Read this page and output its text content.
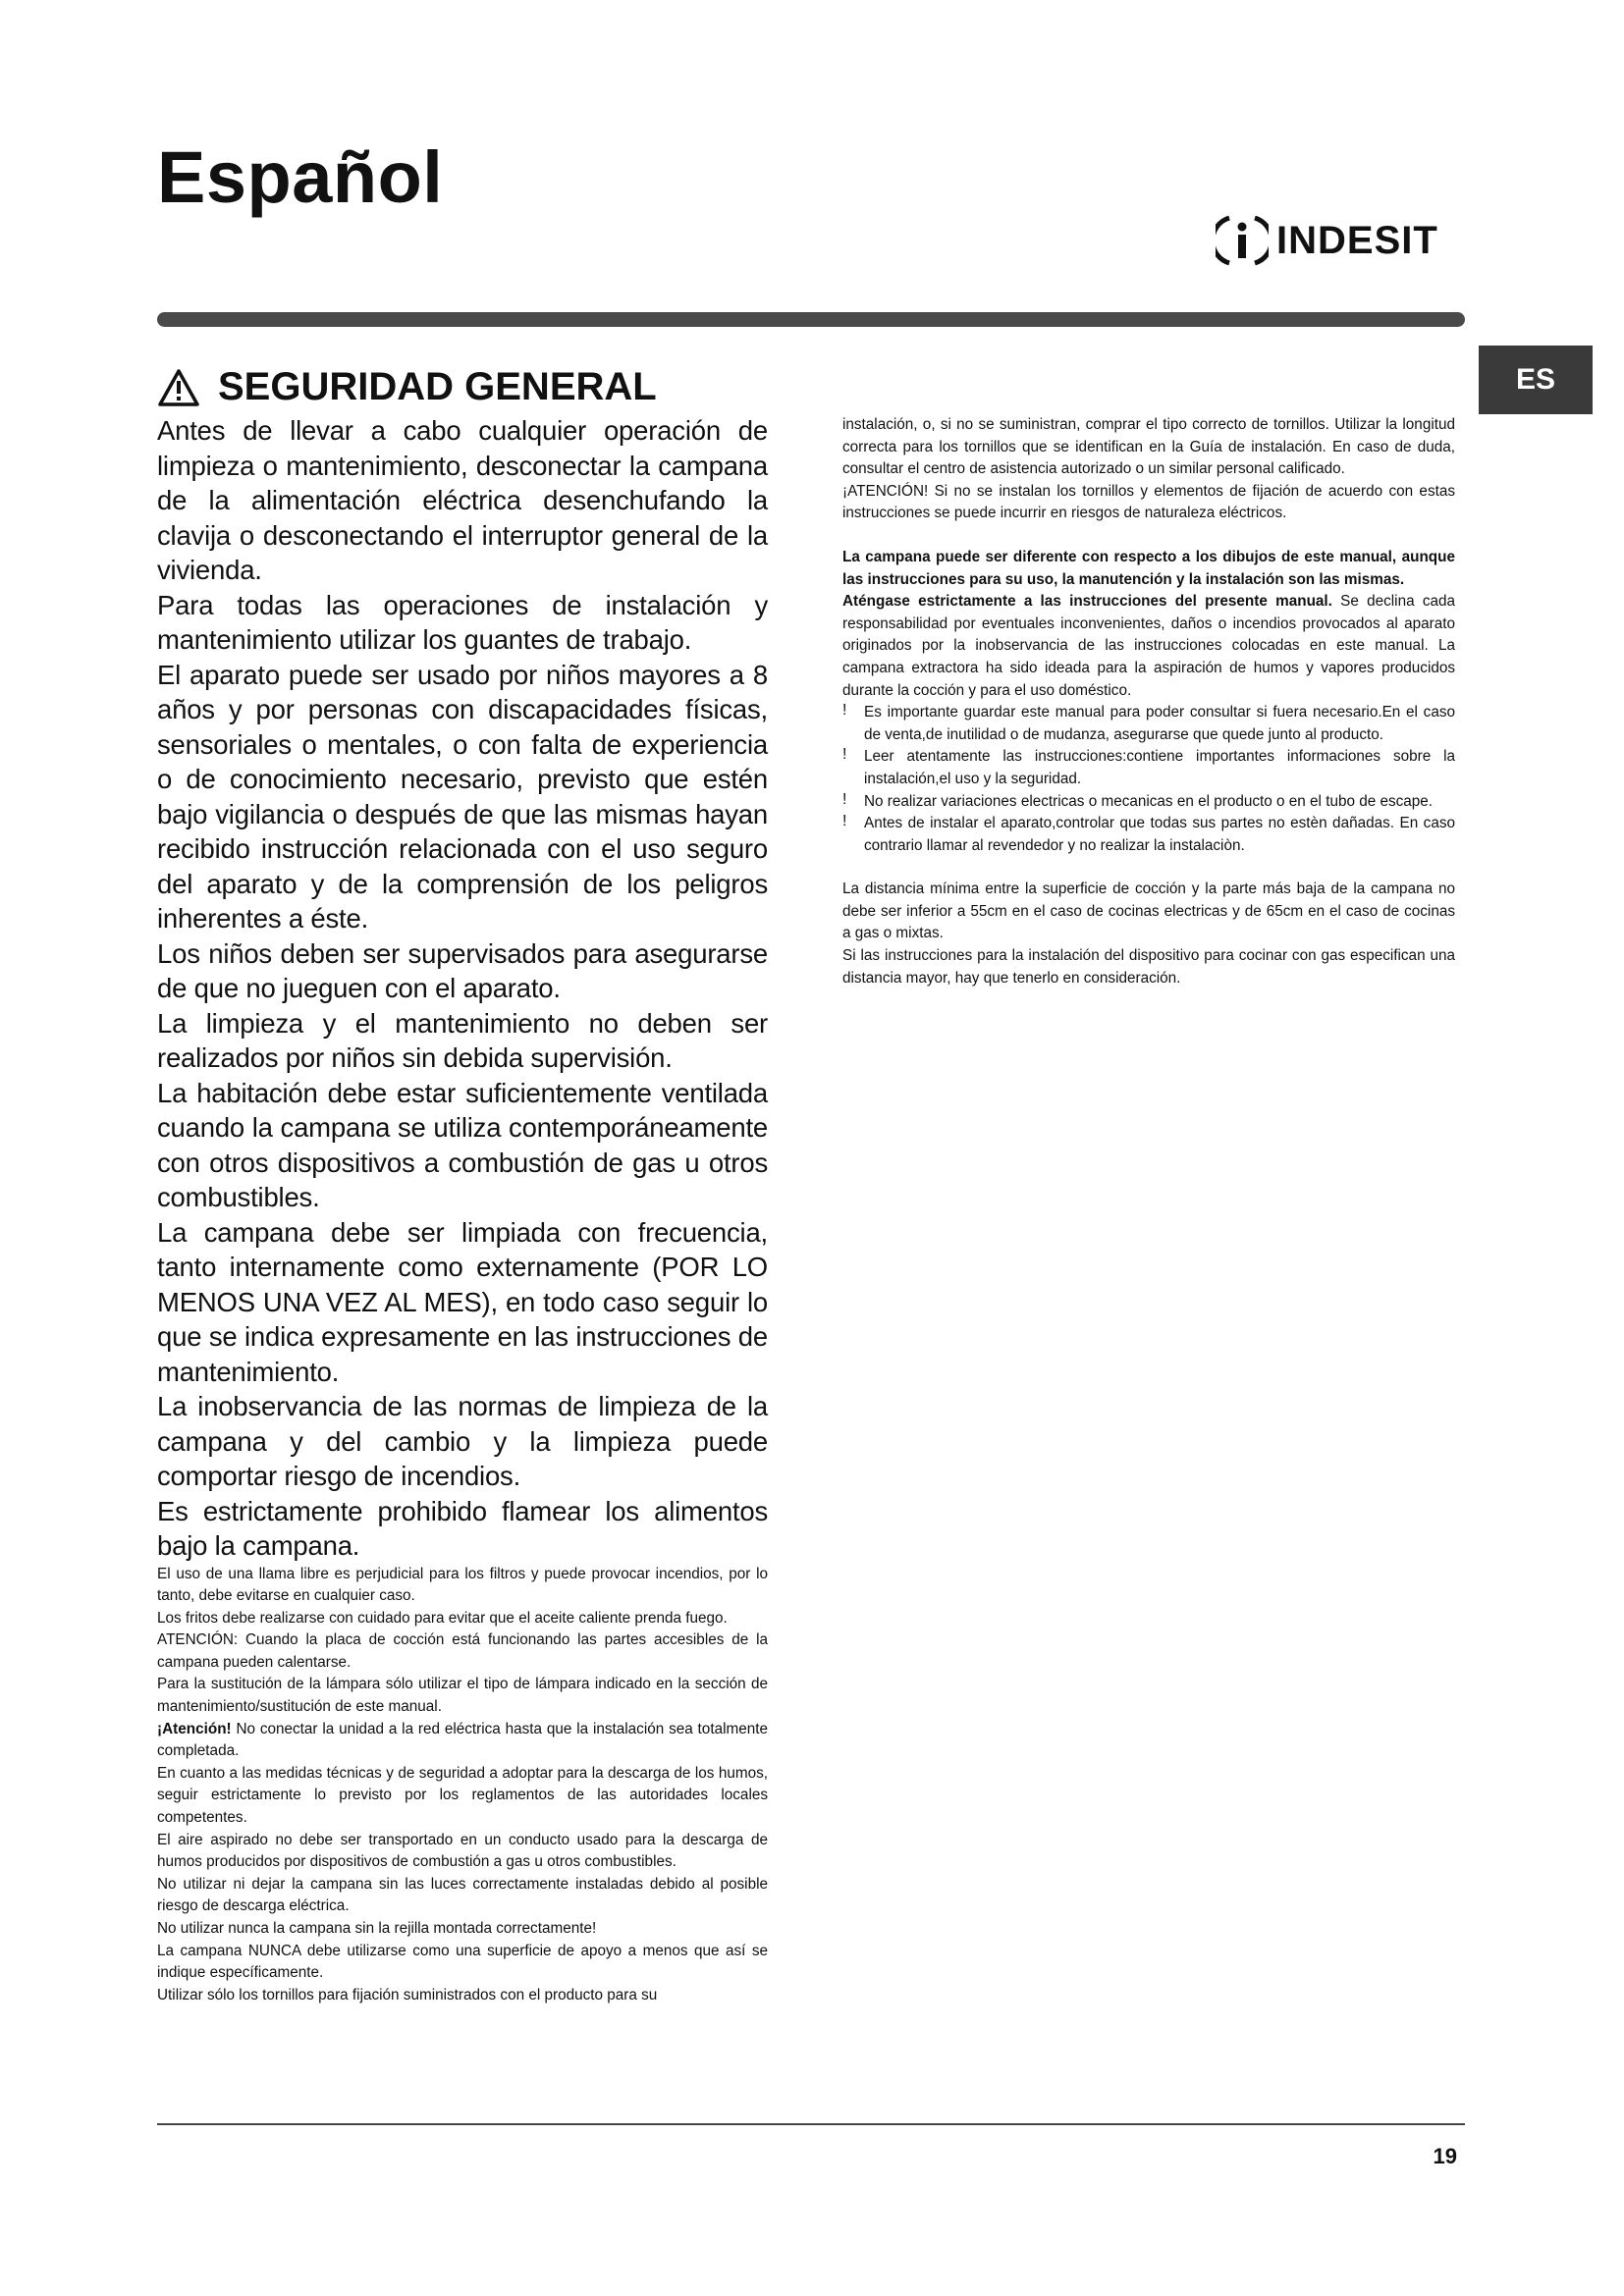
Español
INDESIT
ES
SEGURIDAD GENERAL

Antes de llevar a cabo cualquier operación de limpieza o mantenimiento, desconectar la campana de la alimentación eléctrica desenchufando la clavija o desconectando el interruptor general de la vivienda.

Para todas las operaciones de instalación y mantenimiento utilizar los guantes de trabajo.

El aparato puede ser usado por niños mayores a 8 años y por personas con discapacidades físicas, sensoriales o mentales, o con falta de experiencia o de conocimiento necesario, previsto que estén bajo vigilancia o después de que las mismas hayan recibido instrucción relacionada con el uso seguro del aparato y de la comprensión de los peligros inherentes a éste.

Los niños deben ser supervisados para asegurarse de que no jueguen con el aparato.

La limpieza y el mantenimiento no deben ser realizados por niños sin debida supervisión.

La habitación debe estar suficientemente ventilada cuando la campana se utiliza contemporáneamente con otros dispositivos a combustión de gas u otros combustibles.

La campana debe ser limpiada con frecuencia, tanto internamente como externamente (POR LO MENOS UNA VEZ AL MES), en todo caso seguir lo que se indica expresamente en las instrucciones de mantenimiento.

La inobservancia de las normas de limpieza de la campana y del cambio y la limpieza puede comportar riesgo de incendios.

Es estrictamente prohibido flamear los alimentos bajo la campana.

El uso de una llama libre es perjudicial para los filtros y puede provocar incendios, por lo tanto, debe evitarse en cualquier caso.

Los fritos debe realizarse con cuidado para evitar que el aceite caliente prenda fuego.

ATENCIÓN: Cuando la placa de cocción está funcionando las partes accesibles de la campana pueden calentarse.

Para la sustitución de la lámpara sólo utilizar el tipo de lámpara indicado en la sección de mantenimiento/sustitución de este manual.

¡Atención! No conectar la unidad a la red eléctrica hasta que la instalación sea totalmente completada.

En cuanto a las medidas técnicas y de seguridad a adoptar para la descarga de los humos, seguir estrictamente lo previsto por los reglamentos de las autoridades locales competentes.

El aire aspirado no debe ser transportado en un conducto usado para la descarga de humos producidos por dispositivos de combustión a gas u otros combustibles.

No utilizar ni dejar la campana sin las luces correctamente instaladas debido al posible riesgo de descarga eléctrica.

No utilizar nunca la campana sin la rejilla montada correctamente!

La campana NUNCA debe utilizarse como una superficie de apoyo a menos que así se indique específicamente.

Utilizar sólo los tornillos para fijación suministrados con el producto para su

instalación, o, si no se suministran, comprar el tipo correcto de tornillos. Utilizar la longitud correcta para los tornillos que se identifican en la Guía de instalación. En caso de duda, consultar el centro de asistencia autorizado o un similar personal calificado.

¡ATENCIÓN! Si no se instalan los tornillos y elementos de fijación de acuerdo con estas instrucciones se puede incurrir en riesgos de naturaleza eléctricos.

La campana puede ser diferente con respecto a los dibujos de este manual, aunque las instrucciones para su uso, la manutención y la instalación son las mismas.

Aténgase estrictamente a las instrucciones del presente manual. Se declina cada responsabilidad por eventuales inconvenientes, daños o incendios provocados al aparato originados por la inobservancia de las instrucciones colocadas en este manual. La campana extractora ha sido ideada para la aspiración de humos y vapores producidos durante la cocción y para el uso doméstico.

!	Es importante guardar este manual para poder consultar si fuera necesario.En el caso de venta,de inutilidad o de mudanza, asegurarse que quede junto al producto.

!	Leer atentamente las instrucciones:contiene importantes informaciones sobre la instalación,el uso y la seguridad.

!	No realizar variaciones electricas o mecanicas en el producto o en el tubo de escape.

!	Antes de instalar el aparato,controlar que todas sus partes no estèn dañadas. En caso contrario llamar al revendedor y no realizar la instalaciòn.

La distancia mínima entre la superficie de cocción y la parte más baja de la campana no debe ser inferior a 55cm en el caso de cocinas electricas y de 65cm en el caso de cocinas a gas o mixtas.

Si las instrucciones para la instalación del dispositivo para cocinar con gas especifican una distancia mayor, hay que tenerlo en consideración.

19
